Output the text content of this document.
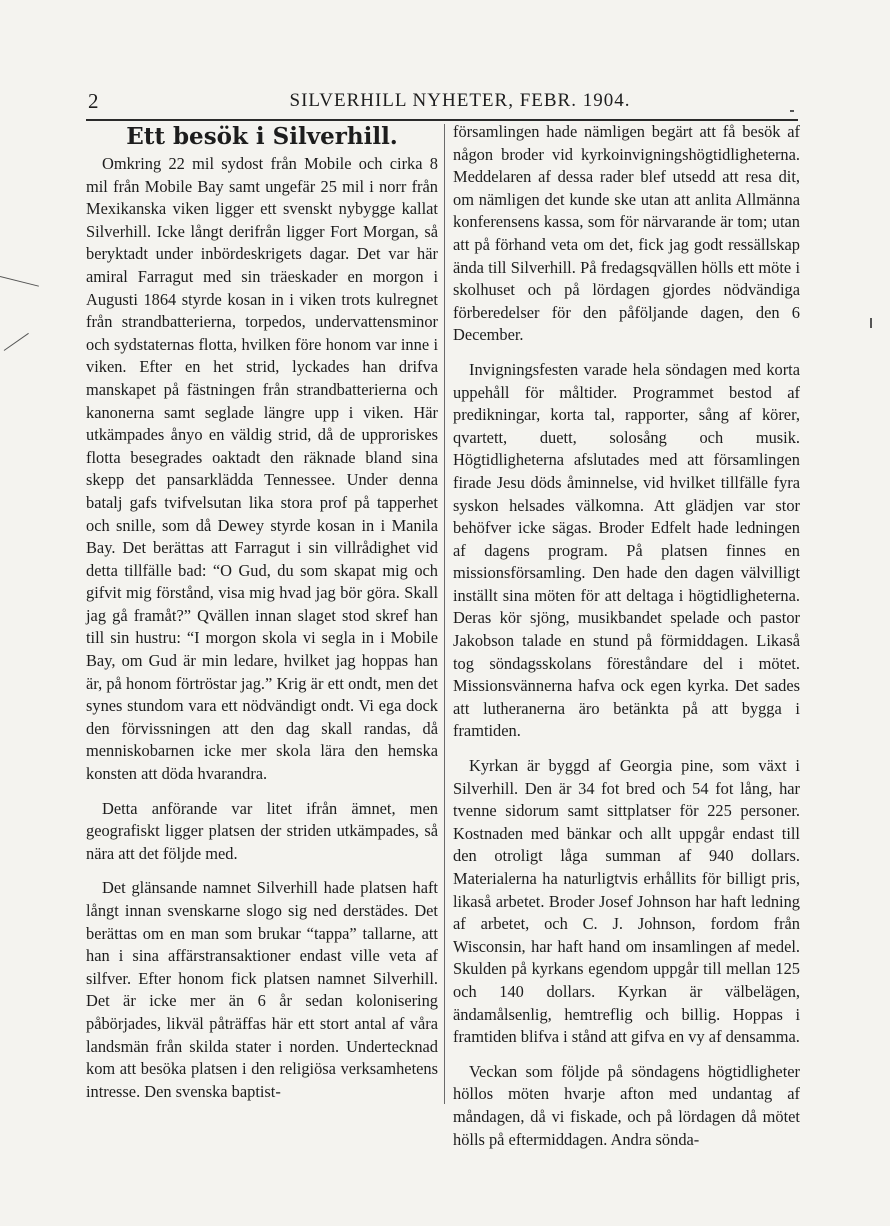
2	SILVERHILL NYHETER, FEBR. 1904.
Ett besök i Silverhill.

Omkring 22 mil sydost från Mobile och cirka 8 mil från Mobile Bay samt ungefär 25 mil i norr från Mexikanska viken ligger ett svenskt nybygge kallat Silverhill. Icke långt derifrån ligger Fort Morgan, så beryktadt under inbördeskrigets dagar. Det var här amiral Farragut med sin träeskader en morgon i Augusti 1864 styrde kosan in i viken trots kulregnet från strandbatterierna, torpedos, undervattensminor och sydstaternas flotta, hvilken före honom var inne i viken. Efter en het strid, lyckades han drifva manskapet på fästningen från strandbatterierna och kanonerna samt seglade längre upp i viken. Här utkämpades ånyo en väldig strid, då de upproriskes flotta besegrades oaktadt den räknade bland sina skepp det pansarklädda Tennessee. Under denna batalj gafs tvifvelsutan lika stora prof på tapperhet och snille, som då Dewey styrde kosan in i Manila Bay. Det berättas att Farragut i sin villrådighet vid detta tillfälle bad: “O Gud, du som skapat mig och gifvit mig förstånd, visa mig hvad jag bör göra. Skall jag gå framåt?” Qvällen innan slaget stod skref han till sin hustru: “I morgon skola vi segla in i Mobile Bay, om Gud är min ledare, hvilket jag hoppas han är, på honom förtröstar jag.” Krig är ett ondt, men det synes stundom vara ett nödvändigt ondt. Vi ega dock den förvissningen att den dag skall randas, då menniskobarnen icke mer skola lära den hemska konsten att döda hvarandra.

Detta anförande var litet ifrån ämnet, men geografiskt ligger platsen der striden utkämpades, så nära att det följde med.

Det glänsande namnet Silverhill hade platsen haft långt innan svenskarne slogo sig ned derstädes. Det berättas om en man som brukar “tappa” tallarne, att han i sina affärstransaktioner endast ville veta af silfver. Efter honom fick platsen namnet Silverhill. Det är icke mer än 6 år sedan kolonisering påbörjades, likväl påträffas här ett stort antal af våra landsmän från skilda stater i norden. Undertecknad kom att besöka platsen i den religiösa verksamhetens intresse. Den svenska baptist-

församlingen hade nämligen begärt att få besök af någon broder vid kyrkoinvigningshögtidligheterna. Meddelaren af dessa rader blef utsedd att resa dit, om nämligen det kunde ske utan att anlita Allmänna konferensens kassa, som för närvarande är tom; utan att på förhand veta om det, fick jag godt ressällskap ända till Silverhill. På fredagsqvällen hölls ett möte i skolhuset och på lördagen gjordes nödvändiga förberedelser för den påföljande dagen, den 6 December.

Invigningsfesten varade hela söndagen med korta uppehåll för måltider. Programmet bestod af predikningar, korta tal, rapporter, sång af körer, qvartett, duett, solosång och musik. Högtidligheterna afslutades med att församlingen firade Jesu döds åminnelse, vid hvilket tillfälle fyra syskon helsades välkomna. Att glädjen var stor behöfver icke sägas. Broder Edfelt hade ledningen af dagens program. På platsen finnes en missionsförsamling. Den hade den dagen välvilligt inställt sina möten för att deltaga i högtidligheterna. Deras kör sjöng, musikbandet spelade och pastor Jakobson talade en stund på förmiddagen. Likaså tog söndagsskolans föreståndare del i mötet. Missionsvännerna hafva ock egen kyrka. Det sades att lutheranerna äro betänkta på att bygga i framtiden.

Kyrkan är byggd af Georgia pine, som växt i Silverhill. Den är 34 fot bred och 54 fot lång, har tvenne sidorum samt sittplatser för 225 personer. Kostnaden med bänkar och allt uppgår endast till den otroligt låga summan af 940 dollars. Materialerna ha naturligtvis erhållits för billigt pris, likaså arbetet. Broder Josef Johnson har haft ledning af arbetet, och C. J. Johnson, fordom från Wisconsin, har haft hand om insamlingen af medel. Skulden på kyrkans egendom uppgår till mellan 125 och 140 dollars. Kyrkan är välbelägen, ändamålsenlig, hemtreflig och billig. Hoppas i framtiden blifva i stånd att gifva en vy af densamma.

Veckan som följde på söndagens högtidligheter höllos möten hvarje afton med undantag af måndagen, då vi fiskade, och på lördagen då mötet hölls på eftermiddagen. Andra sönda-
